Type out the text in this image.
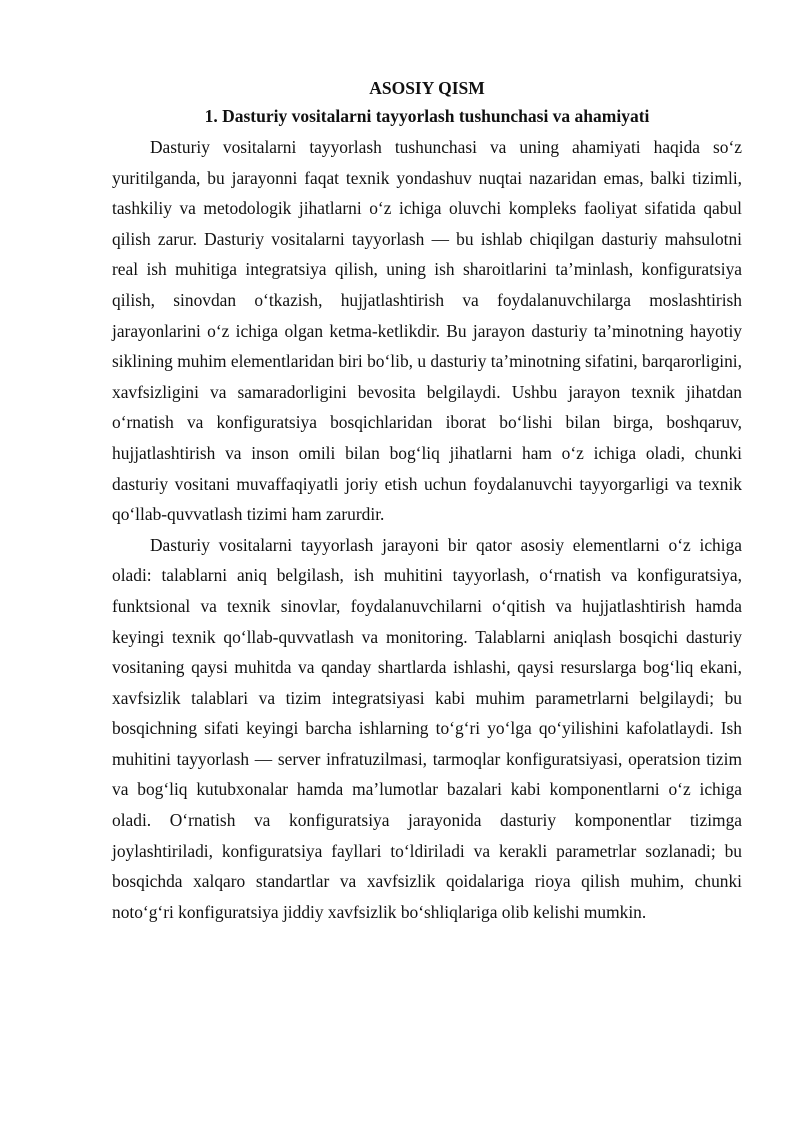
ASOSIY QISM
1. Dasturiy vositalarni tayyorlash tushunchasi va ahamiyati

Dasturiy vositalarni tayyorlash tushunchasi va uning ahamiyati haqida so‘z yuritilganda, bu jarayonni faqat texnik yondashuv nuqtai nazaridan emas, balki tizimli, tashkiliy va metodologik jihatlarni o‘z ichiga oluvchi kompleks faoliyat sifatida qabul qilish zarur. Dasturiy vositalarni tayyorlash — bu ishlab chiqilgan dasturiy mahsulotni real ish muhitiga integratsiya qilish, uning ish sharoitlarini ta’minlash, konfiguratsiya qilish, sinovdan o‘tkazish, hujjatlashtirish va foydalanuvchilarga moslashtirish jarayonlarini o‘z ichiga olgan ketma-ketlikdir. Bu jarayon dasturiy ta’minotning hayotiy siklining muhim elementlaridan biri bo‘lib, u dasturiy ta’minotning sifatini, barqarorligini, xavfsizligini va samaradorligini bevosita belgilaydi. Ushbu jarayon texnik jihatdan o‘rnatish va konfiguratsiya bosqichlaridan iborat bo‘lishi bilan birga, boshqaruv, hujjatlashtirish va inson omili bilan bog‘liq jihatlarni ham o‘z ichiga oladi, chunki dasturiy vositani muvaffaqiyatli joriy etish uchun foydalanuvchi tayyorgarligi va texnik qo‘llab-quvvatlash tizimi ham zarurdir.

Dasturiy vositalarni tayyorlash jarayoni bir qator asosiy elementlarni o‘z ichiga oladi: talablarni aniq belgilash, ish muhitini tayyorlash, o‘rnatish va konfiguratsiya, funktsional va texnik sinovlar, foydalanuvchilarni o‘qitish va hujjatlashtirish hamda keyingi texnik qo‘llab-quvvatlash va monitoring. Talablarni aniqlash bosqichi dasturiy vositaning qaysi muhitda va qanday shartlarda ishlashi, qaysi resurslarga bog‘liq ekani, xavfsizlik talablari va tizim integratsiyasi kabi muhim parametrlarni belgilaydi; bu bosqichning sifati keyingi barcha ishlarning to‘g‘ri yo‘lga qo‘yilishini kafolatlaydi. Ish muhitini tayyorlash — server infratuzilmasi, tarmoqlar konfiguratsiyasi, operatsion tizim va bog‘liq kutubxonalar hamda ma’lumotlar bazalari kabi komponentlarni o‘z ichiga oladi. O‘rnatish va konfiguratsiya jarayonida dasturiy komponentlar tizimga joylashtiriladi, konfiguratsiya fayllari to‘ldiriladi va kerakli parametrlar sozlanadi; bu bosqichda xalqaro standartlar va xavfsizlik qoidalariga rioya qilish muhim, chunki noto‘g‘ri konfiguratsiya jiddiy xavfsizlik bo‘shliqlariga olib kelishi mumkin.
